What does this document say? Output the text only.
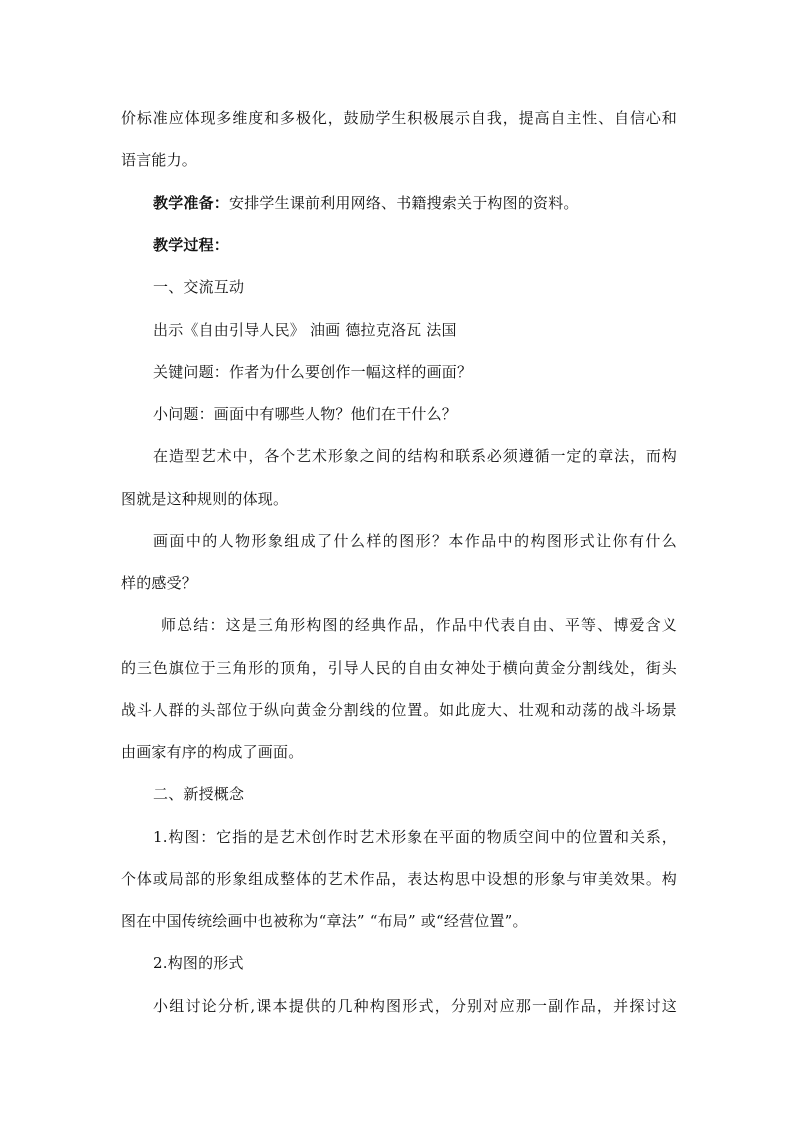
价标准应体现多维度和多极化，鼓励学生积极展示自我，提高自主性、自信心和
语言能力。
教学准备：安排学生课前利用网络、书籍搜索关于构图的资料。
教学过程：
一、交流互动
出示《自由引导人民》 油画 德拉克洛瓦 法国
关键问题：作者为什么要创作一幅这样的画面？
小问题：画面中有哪些人物？他们在干什么？
在造型艺术中，各个艺术形象之间的结构和联系必须遵循一定的章法，而构
图就是这种规则的体现。
画面中的人物形象组成了什么样的图形？本作品中的构图形式让你有什么
样的感受？
师总结：这是三角形构图的经典作品，作品中代表自由、平等、博爱含义
的三色旗位于三角形的顶角，引导人民的自由女神处于横向黄金分割线处，街头
战斗人群的头部位于纵向黄金分割线的位置。如此庞大、壮观和动荡的战斗场景
由画家有序的构成了画面。
二、新授概念
1.构图：它指的是艺术创作时艺术形象在平面的物质空间中的位置和关系，
个体或局部的形象组成整体的艺术作品，表达构思中设想的形象与审美效果。构
图在中国传统绘画中也被称为“章法” “布局” 或“经营位置”。
2.构图的形式
小组讨论分析,课本提供的几种构图形式，分别对应那一副作品，并探讨这
